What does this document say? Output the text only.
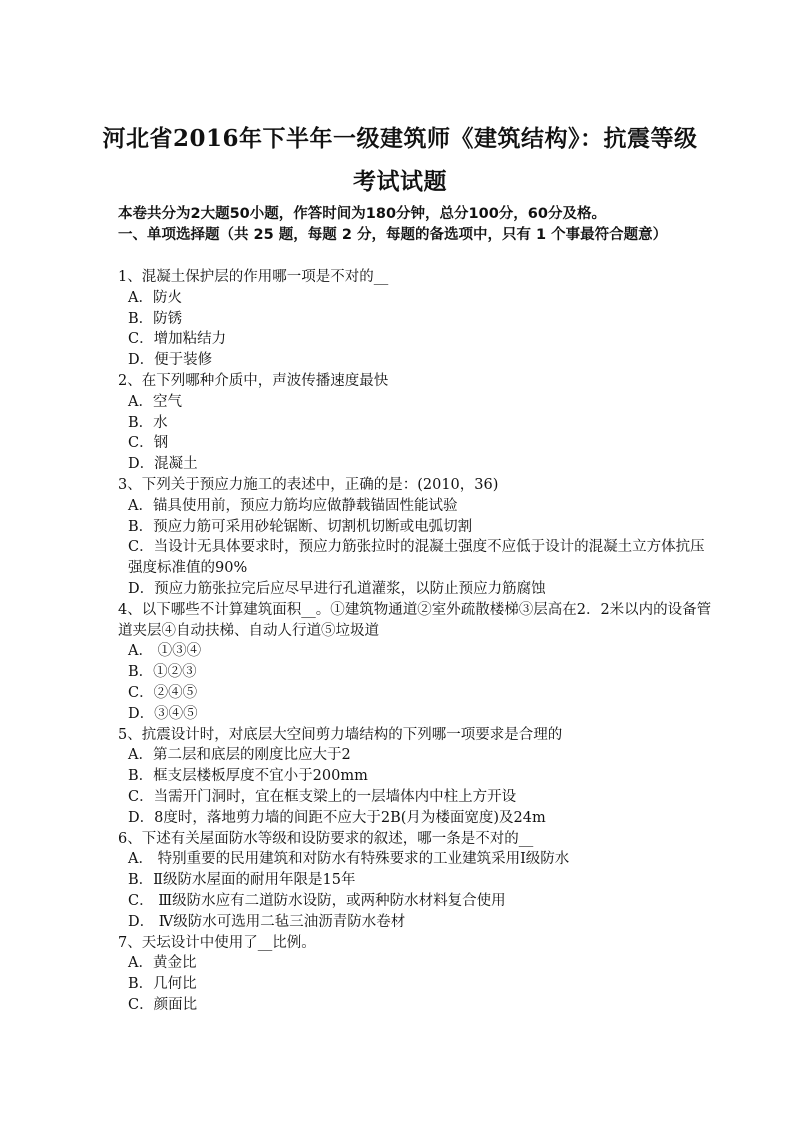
河北省2016年下半年一级建筑师《建筑结构》：抗震等级
考试试题
本卷共分为2大题50小题，作答时间为180分钟，总分100分，60分及格。
一、单项选择题（共 25 题，每题 2 分，每题的备选项中，只有 1 个事最符合题意）

1、混凝土保护层的作用哪一项是不对的__

A．防火

B．防锈

C．增加粘结力

D．便于装修

2、在下列哪种介质中，声波传播速度最快

A．空气

B．水

C．钢

D．混凝土

3、下列关于预应力施工的表述中，正确的是：(2010，36)

A．锚具使用前，预应力筋均应做静载锚固性能试验

B．预应力筋可采用砂轮锯断、切割机切断或电弧切割

C．当设计无具体要求时，预应力筋张拉时的混凝土强度不应低于设计的混凝土立方体抗压强度标准值的90%

D．预应力筋张拉完后应尽早进行孔道灌浆，以防止预应力筋腐蚀

4、以下哪些不计算建筑面积__。①建筑物通道②室外疏散楼梯③层高在2．2米以内的设备管道夹层④自动扶梯、自动人行道⑤垃圾道

A． ①③④

B．①②③

C．②④⑤

D．③④⑤

5、抗震设计时，对底层大空间剪力墙结构的下列哪一项要求是合理的

A．第二层和底层的刚度比应大于2

B．框支层楼板厚度不宜小于200mm

C．当需开门洞时，宜在框支梁上的一层墙体内中柱上方开设

D．8度时，落地剪力墙的间距不应大于2B(月为楼面宽度)及24m

6、下述有关屋面防水等级和设防要求的叙述，哪一条是不对的__

A． 特别重要的民用建筑和对防水有特殊要求的工业建筑采用Ⅰ级防水

B．Ⅱ级防水屋面的耐用年限是15年

C． Ⅲ级防水应有二道防水设防，或两种防水材料复合使用

D． Ⅳ级防水可选用二毡三油沥青防水卷材

7、天坛设计中使用了__比例。

A．黄金比

B．几何比

C．颜面比
